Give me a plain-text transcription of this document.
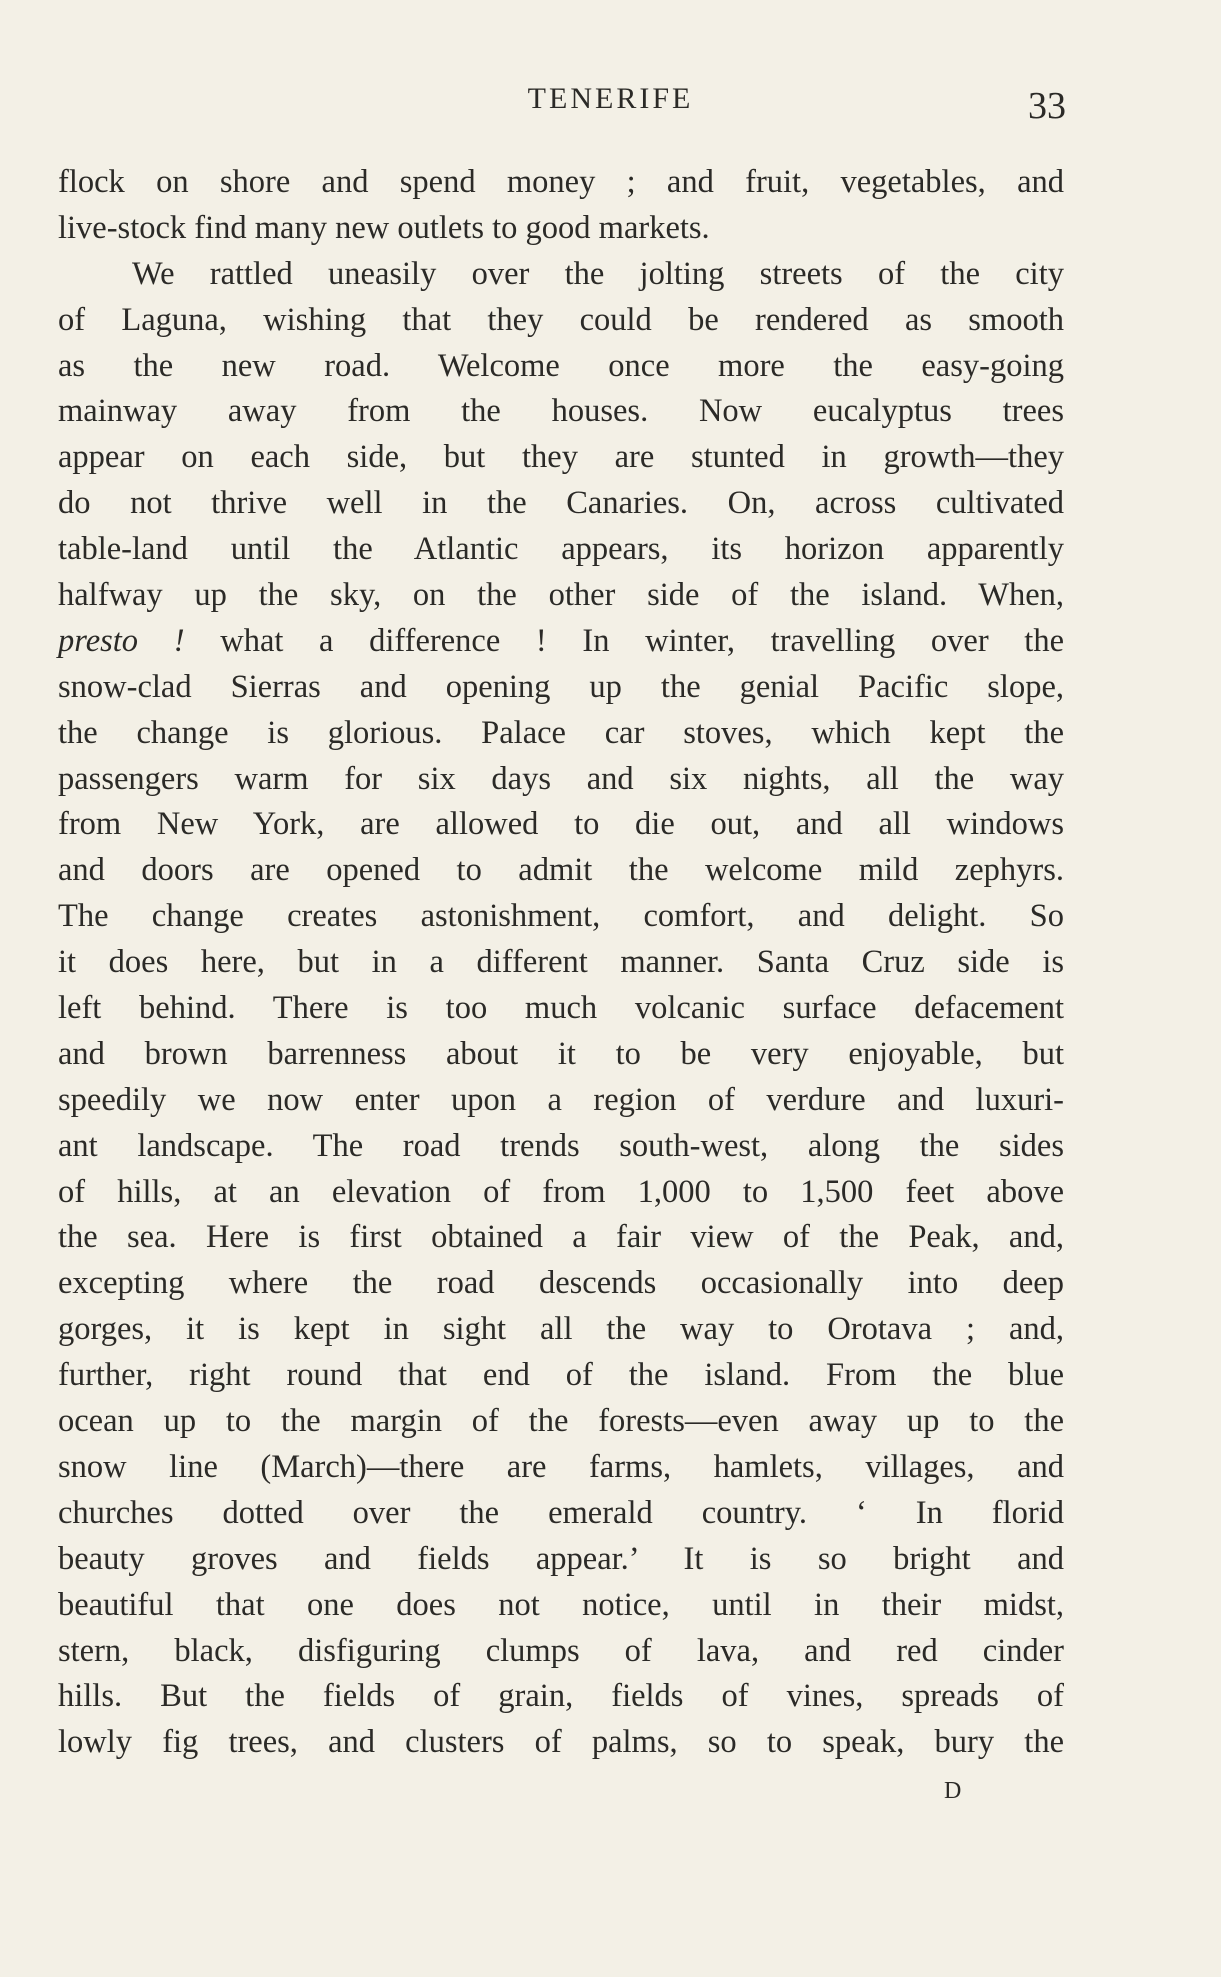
TENERIFE	33
flock on shore and spend money ; and fruit, vegetables, and
live-stock find many new outlets to good markets.
We rattled uneasily over the jolting streets of the city
of Laguna, wishing that they could be rendered as smooth
as the new road. Welcome once more the easy-going
mainway away from the houses. Now eucalyptus trees
appear on each side, but they are stunted in growth—they
do not thrive well in the Canaries. On, across cultivated
table-land until the Atlantic appears, its horizon apparently
halfway up the sky, on the other side of the island. When,
presto ! what a difference ! In winter, travelling over the
snow-clad Sierras and opening up the genial Pacific slope,
the change is glorious. Palace car stoves, which kept the
passengers warm for six days and six nights, all the way
from New York, are allowed to die out, and all windows
and doors are opened to admit the welcome mild zephyrs.
The change creates astonishment, comfort, and delight. So
it does here, but in a different manner. Santa Cruz side is
left behind. There is too much volcanic surface defacement
and brown barrenness about it to be very enjoyable, but
speedily we now enter upon a region of verdure and luxuri-
ant landscape. The road trends south-west, along the sides
of hills, at an elevation of from 1,000 to 1,500 feet above
the sea. Here is first obtained a fair view of the Peak, and,
excepting where the road descends occasionally into deep
gorges, it is kept in sight all the way to Orotava ; and,
further, right round that end of the island. From the blue
ocean up to the margin of the forests—even away up to the
snow line (March)—there are farms, hamlets, villages, and
churches dotted over the emerald country. ‘ In florid
beauty groves and fields appear.’ It is so bright and
beautiful that one does not notice, until in their midst,
stern, black, disfiguring clumps of lava, and red cinder
hills. But the fields of grain, fields of vines, spreads of
lowly fig trees, and clusters of palms, so to speak, bury the
D
